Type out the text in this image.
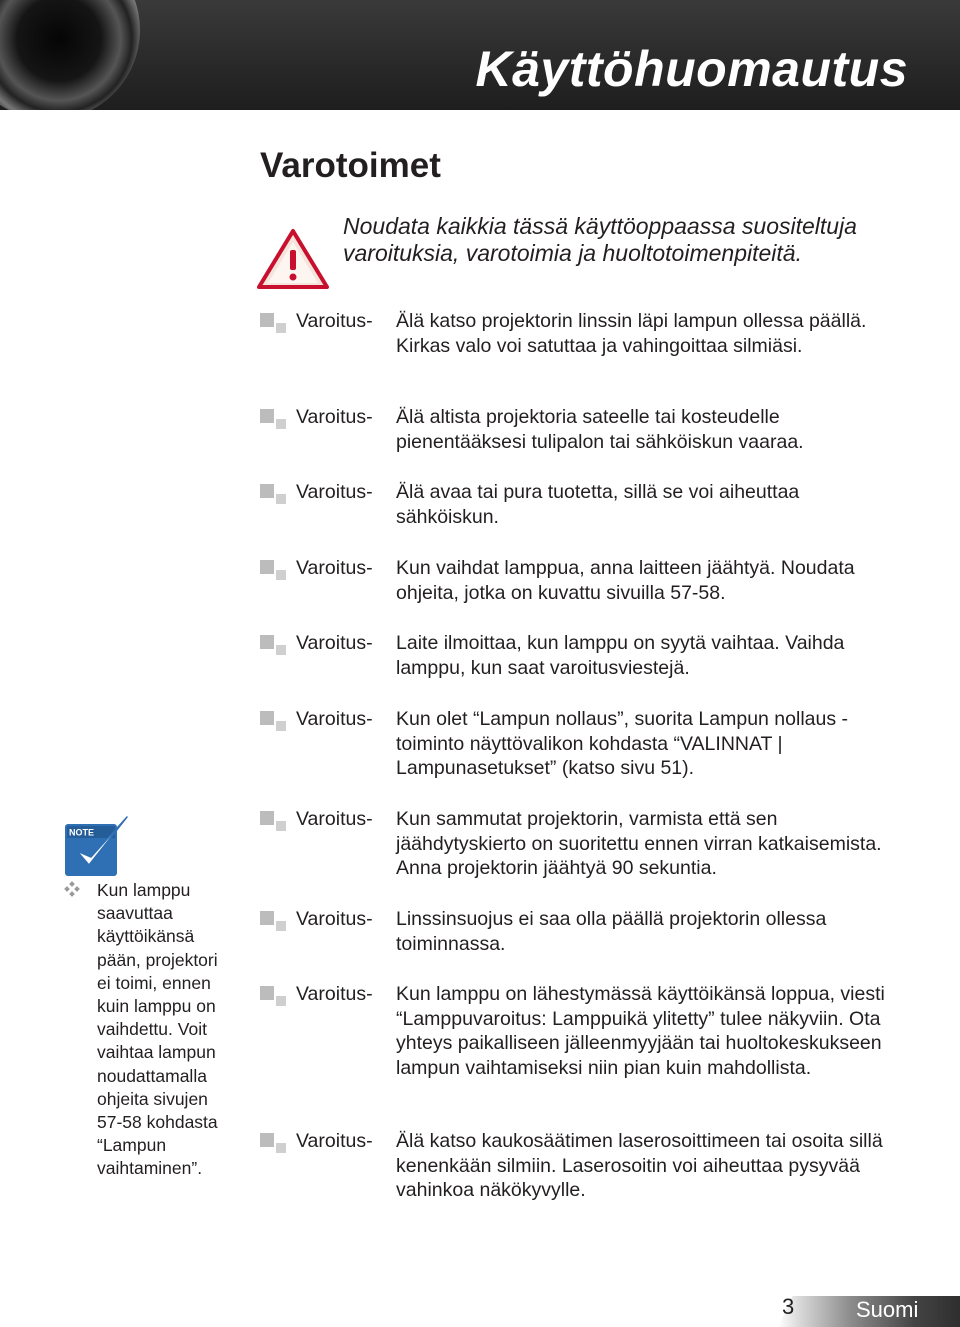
Käyttöhuomautus
Varotoimet

Noudata kaikkia tässä käyttöoppaassa suositeltuja varoituksia, varotoimia ja huoltotoimenpiteitä.

Varoitus- Älä katso projektorin linssin läpi lampun ollessa päällä. Kirkas valo voi satuttaa ja vahingoittaa silmiäsi.
Varoitus- Älä altista projektoria sateelle tai kosteudelle pienentääksesi tulipalon tai sähköiskun vaaraa.
Varoitus- Älä avaa tai pura tuotetta, sillä se voi aiheuttaa sähköiskun.
Varoitus- Kun vaihdat lamppua, anna laitteen jäähtyä. Noudata ohjeita, jotka on kuvattu sivuilla 57-58.
Varoitus- Laite ilmoittaa, kun lamppu on syytä vaihtaa. Vaihda lamppu, kun saat varoitusviestejä.
Varoitus- Kun olet “Lampun nollaus”, suorita Lampun nollaus -toiminto näyttövalikon kohdasta “VALINNAT | Lampunasetukset” (katso sivu 51).
Varoitus- Kun sammutat projektorin, varmista että sen jäähdytyskierto on suoritettu ennen virran katkaisemista. Anna projektorin jäähtyä 90 sekuntia.
Varoitus- Linssinsuojus ei saa olla päällä projektorin ollessa toiminnassa.
Varoitus- Kun lamppu on lähestymässä käyttöikänsä loppua, viesti “Lamppuvaroitus: Lamppuikä ylitetty” tulee näkyviin. Ota yhteys paikalliseen jälleenmyyjään tai huoltokeskukseen lampun vaihtamiseksi niin pian kuin mahdollista.
Varoitus- Älä katso kaukosäätimen laserosoittimeen tai osoita sillä kenenkään silmiin. Laserosoitin voi aiheuttaa pysyvää vahinkoa näkökyvylle.
NOTE

Kun lamppu saavuttaa käyttöikänsä pään, projektori ei toimi, ennen kuin lamppu on vaihdettu. Voit vaihtaa lampun noudattamalla ohjeita sivujen 57-58 kohdasta “Lampun vaihtaminen”.

3	Suomi
